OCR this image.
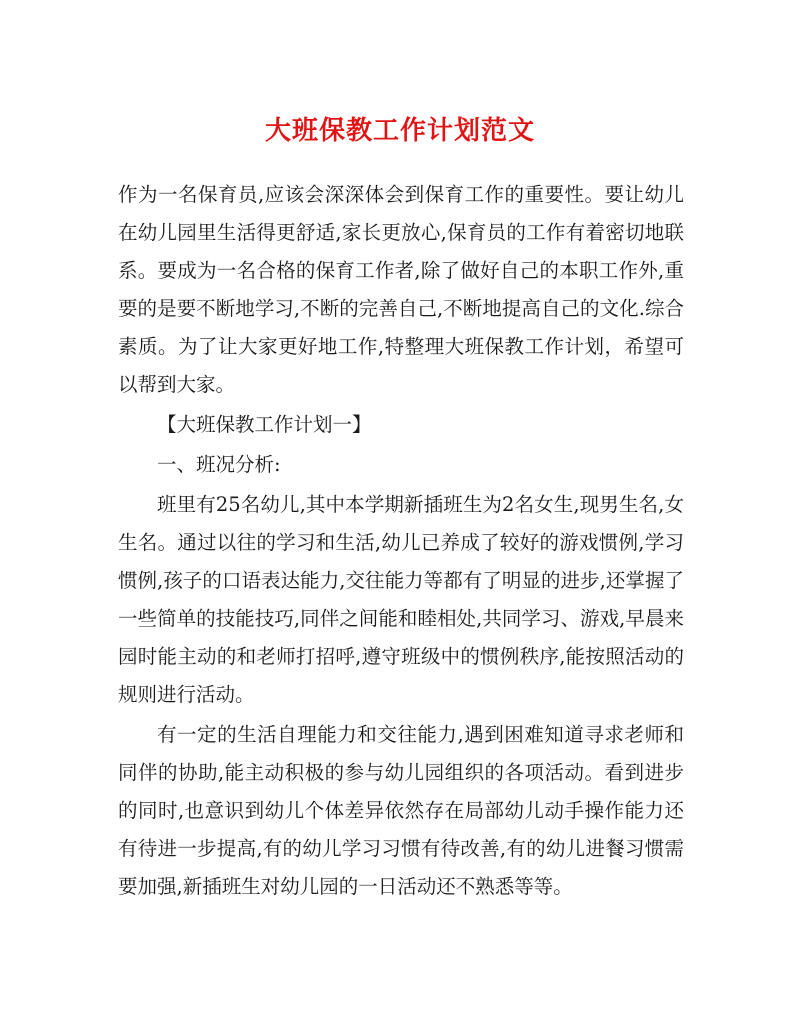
大班保教工作计划范文

作为一名保育员,应该会深深体会到保育工作的重要性。要让幼儿在幼儿园里生活得更舒适,家长更放心,保育员的工作有着密切地联系。要成为一名合格的保育工作者,除了做好自己的本职工作外,重要的是要不断地学习,不断的完善自己,不断地提高自己的文化.综合素质。为了让大家更好地工作,特整理大班保教工作计划，希望可以帮到大家。

【大班保教工作计划一】

一、班况分析:

班里有25名幼儿,其中本学期新插班生为2名女生,现男生名,女生名。通过以往的学习和生活,幼儿已养成了较好的游戏惯例,学习惯例,孩子的口语表达能力,交往能力等都有了明显的进步,还掌握了一些简单的技能技巧,同伴之间能和睦相处,共同学习、游戏,早晨来园时能主动的和老师打招呼,遵守班级中的惯例秩序,能按照活动的规则进行活动。

有一定的生活自理能力和交往能力,遇到困难知道寻求老师和同伴的协助,能主动积极的参与幼儿园组织的各项活动。看到进步的同时,也意识到幼儿个体差异依然存在局部幼儿动手操作能力还有待进一步提高,有的幼儿学习习惯有待改善,有的幼儿进餐习惯需要加强,新插班生对幼儿园的一日活动还不熟悉等等。
